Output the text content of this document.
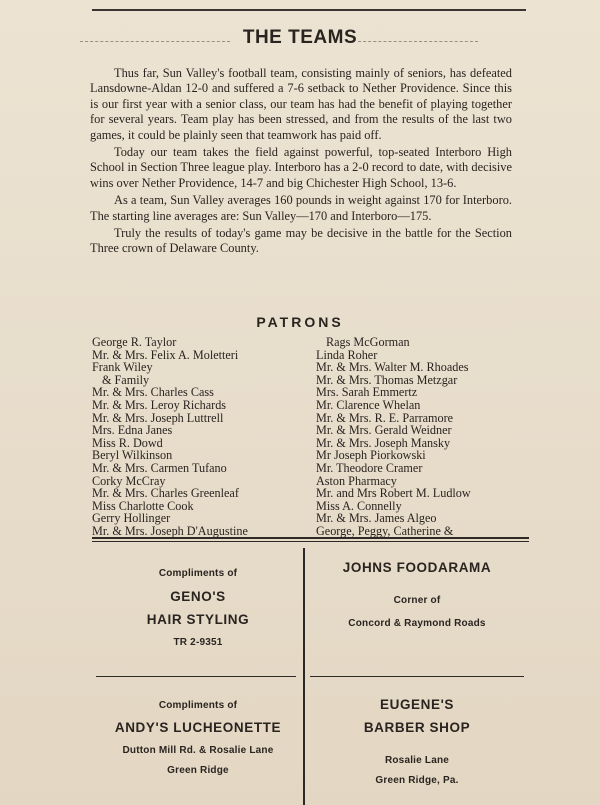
THE TEAMS

Thus far, Sun Valley's football team, consisting mainly of seniors, has defeated Lansdowne-Aldan 12-0 and suffered a 7-6 setback to Nether Providence. Since this is our first year with a senior class, our team has had the benefit of playing together for several years. Team play has been stressed, and from the results of the last two games, it could be plainly seen that teamwork has paid off.

Today our team takes the field against powerful, top-seated Interboro High School in Section Three league play. Interboro has a 2-0 record to date, with decisive wins over Nether Providence, 14-7 and big Chichester High School, 13-6.

As a team, Sun Valley averages 160 pounds in weight against 170 for Interboro. The starting line averages are: Sun Valley—170 and Interboro—175.

Truly the results of today's game may be decisive in the battle for the Section Three crown of Delaware County.

PATRONS
George R. Taylor
Mr. & Mrs. Felix A. Moletteri
Frank Wiley
& Family
Mr. & Mrs. Charles Cass
Mr. & Mrs. Leroy Richards
Mr. & Mrs. Joseph Luttrell
Mrs. Edna Janes
Miss R. Dowd
Beryl Wilkinson
Mr. & Mrs. Carmen Tufano
Corky McCray
Mr. & Mrs. Charles Greenleaf
Miss Charlotte Cook
Gerry Hollinger
Mr. & Mrs. Joseph D'Augustine
Rags McGorman
Linda Roher
Mr. & Mrs. Walter M. Rhoades
Mr. & Mrs. Thomas Metzgar
Mrs. Sarah Emmertz
Mr. Clarence Whelan
Mr. & Mrs. R. E. Parramore
Mr. & Mrs. Gerald Weidner
Mr. & Mrs. Joseph Mansky
Mr Joseph Piorkowski
Mr. Theodore Cramer
Aston Pharmacy
Mr. and Mrs Robert M. Ludlow
Miss A. Connelly
Mr. & Mrs. James Algeo
George, Peggy, Catherine &
Compliments of
GENO'S
HAIR STYLING
TR 2-9351
JOHNS FOODARAMA
Corner of
Concord & Raymond Roads
Compliments of
ANDY'S LUCHEONETTE
Dutton Mill Rd. & Rosalie Lane
Green Ridge
EUGENE'S
BARBER SHOP
Rosalie Lane
Green Ridge, Pa.
